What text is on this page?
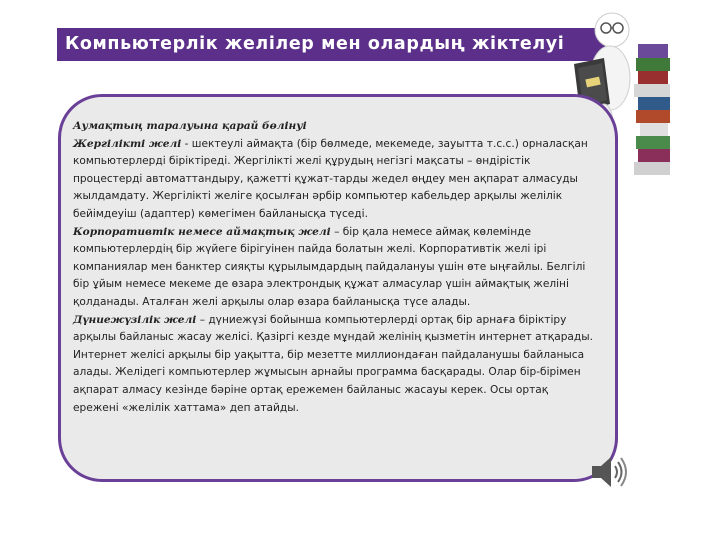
Компьютерлік желілер мен олардың жіктелуі

Аумақтың таралуына қарай бөлінуі

Жергілікті желі - шектеулі аймақта (бір бөлмеде, мекемеде, зауытта т.с.с.) орналасқан компьютерлерді біріктіреді. Жергілікті желі құрудың негізгі мақсаты – өндірістік процестерді автоматтандыру, қажетті құжат-тарды жедел өңдеу мен ақпарат алмасуды жылдамдату. Жергілікті желіге қосылған әрбір компьютер кабельдер арқылы желілік бейімдеуіш (адаптер) көмегімен байланысқа түседі.

Корпоративтік немесе аймақтық желі – бір қала немесе аймақ көлемінде компьютерлердің бір жүйеге бірігуінен пайда болатын желі. Корпоративтік желі ірі компаниялар мен банктер сияқты құрылымдардың пайдалануы үшін өте ыңғайлы. Белгілі бір ұйым немесе мекеме де өзара электрондық құжат алмасулар үшін аймақтық желіні қолданады. Аталған желі арқылы олар өзара байланысқа түсе алады.

Дүниежүзілік желі – дүниежүзі бойынша компьютерлерді ортақ бір арнаға біріктіру арқылы байланыс жасау желісі. Қазіргі кезде мұндай желінің қызметін интернет атқарады. Интернет желісі арқылы бір уақытта, бір мезетте миллиондаған пайдаланушы байланыса алады. Желідегі компьютерлер жұмысын арнайы программа басқарады. Олар бір-бірімен ақпарат алмасу кезінде бәріне ортақ ережемен байланыс жасауы керек. Осы ортақ ережені «желілік хаттама» деп атайды.
